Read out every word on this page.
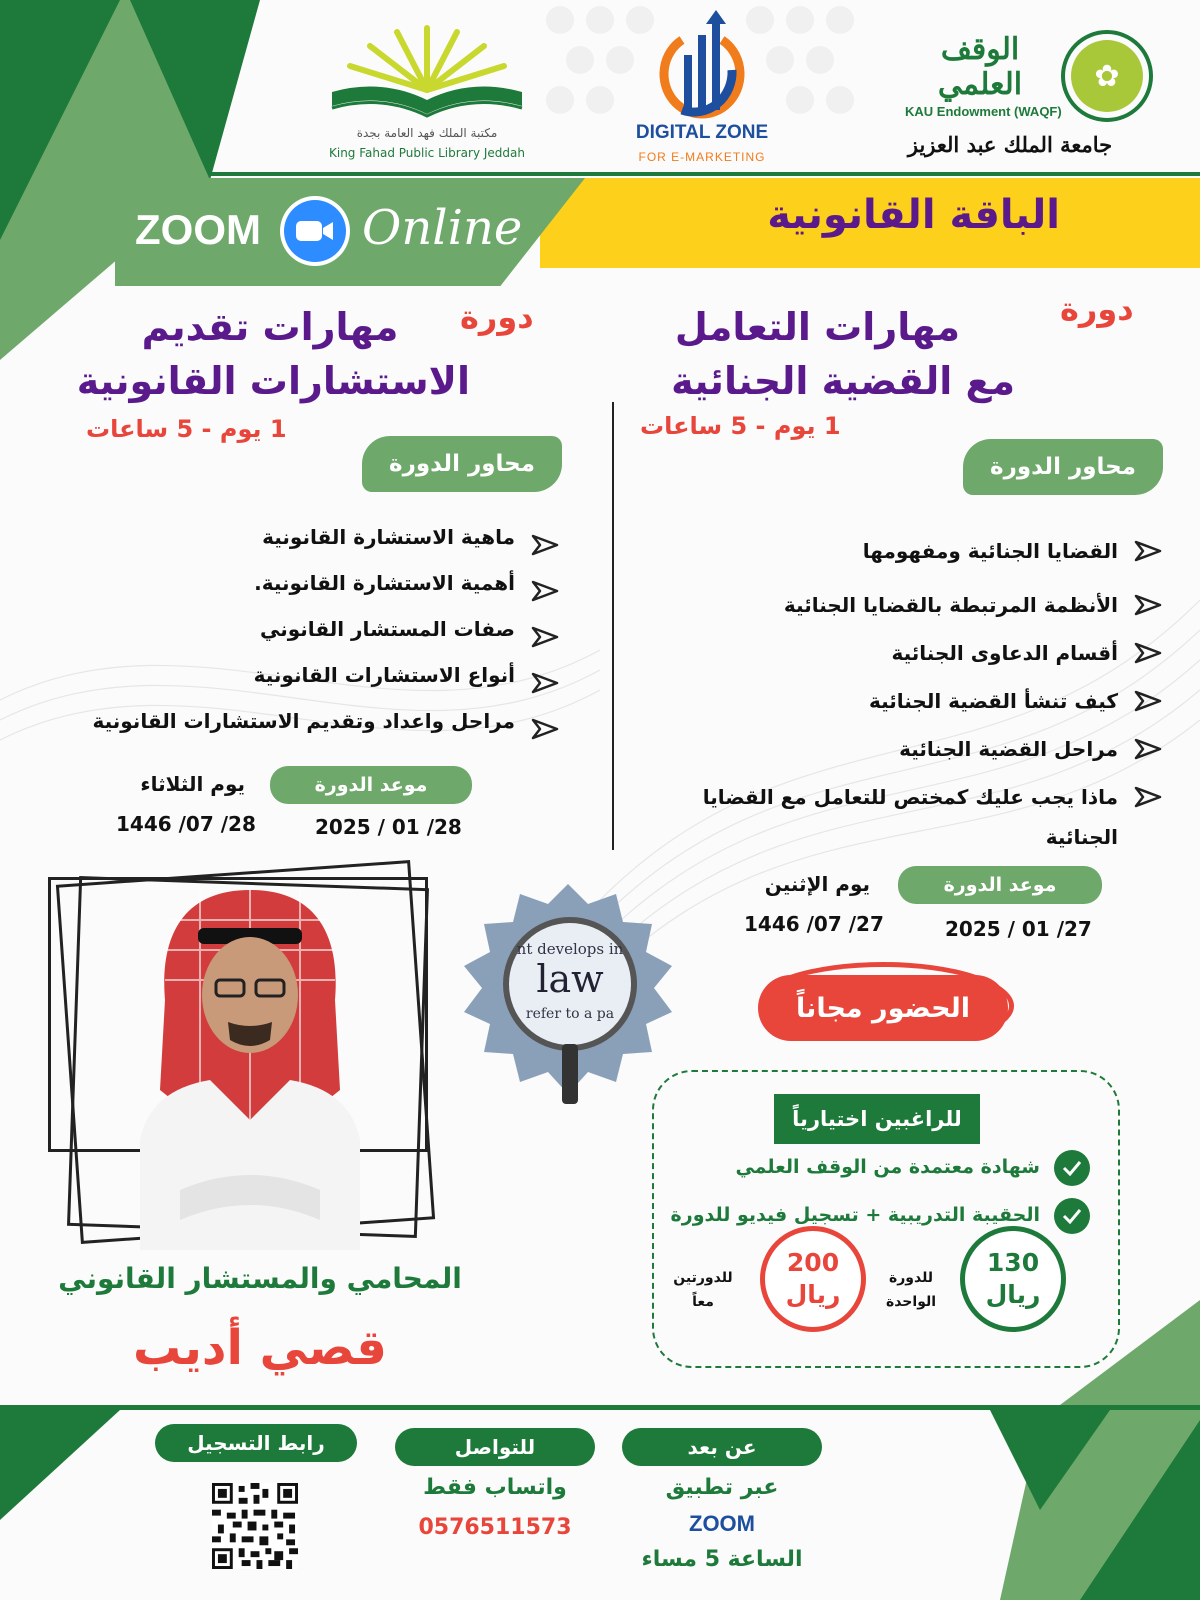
مكتبة الملك فهد العامة بجدة
King Fahad Public Library Jeddah
DIGITAL ZONE
FOR E-MARKETING
الوقف العلمي	✿
KAU Endowment (WAQF)
جامعة الملك عبد العزيز
ZOOM Online	الباقة القانونية
دورة
مهارات التعامل
مع القضية الجنائية
1 يوم - 5 ساعات
محاور الدورة
القضايا الجنائية ومفهومها
الأنظمة المرتبطة بالقضايا الجنائية
أقسام الدعاوى الجنائية
كيف تنشأ القضية الجنائية
مراحل القضية الجنائية
ماذا يجب عليك كمختص للتعامل مع القضايا
الجنائية
موعد الدورة
يوم الإثنين
1446 /07 /27	2025 / 01 /27
دورة
مهارات تقديم
الاستشارات القانونية
1 يوم - 5 ساعات
محاور الدورة
ماهية الاستشارة القانونية
أهمية الاستشارة القانونية.
صفات المستشار القانوني
أنواع الاستشارات القانونية
مراحل واعداد وتقديم الاستشارات القانونية
موعد الدورة
يوم الثلاثاء
1446 /07 /28	2025 / 01 /28
nt develops in
law
refer to a pa	الحضور مجاناً
للراغبين اختيارياً
شهادة معتمدة من الوقف العلمي
الحقيبة التدريبية + تسجيل فيديو للدورة
130
ريال
للدورة
الواحدة
200
ريال
للدورتين
معاً
المحامي والمستشار القانوني
قصي أديب
عن بعد
عبر تطبيق
ZOOM
الساعة 5 مساء
للتواصل
واتساب فقط
0576511573
رابط التسجيل
